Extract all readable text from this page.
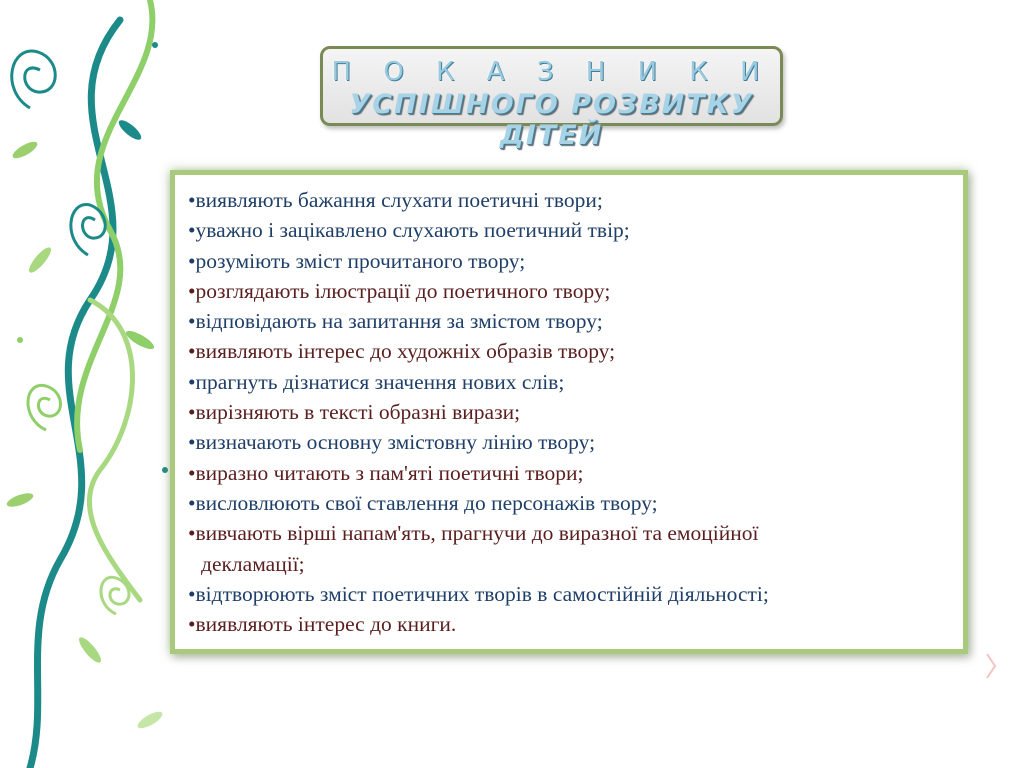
П О К А З Н И К И
УСПІШНОГО РОЗВИТКУ ДІТЕЙ
•виявляють бажання слухати поетичні твори;
•уважно і зацікавлено слухають поетичний твір;
•розуміють зміст прочитаного твору;
•розглядають ілюстрації до поетичного твору;
•відповідають на запитання за змістом твору;
•виявляють інтерес до художніх образів твору;
•прагнуть дізнатися значення нових слів;
•вирізняють в тексті образні вирази;
•визначають основну змістовну лінію твору;
•виразно читають з пам'яті поетичні твори;
•висловлюють свої ставлення до персонажів твору;
•вивчають вірші напам'ять, прагнучи до виразної та емоційної
декламації;
•відтворюють зміст поетичних творів в самостійній діяльності;
•виявляють інтерес до книги.
